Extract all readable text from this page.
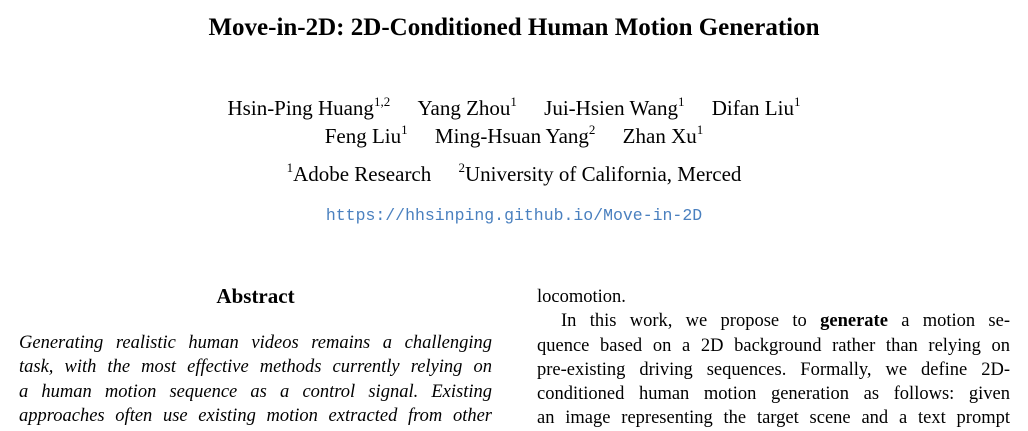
Move-in-2D: 2D-Conditioned Human Motion Generation
Hsin-Ping Huang$^{1,2}$ Yang Zhou$^1$ Jui-Hsien Wang$^1$ Difan Liu$^1$
Feng Liu$^1$ Ming-Hsuan Yang$^2$ Zhan Xu$^1$
$^1$Adobe Research $^2$University of California, Merced
https://hhsinping.github.io/Move-in-2D
Abstract
Generating realistic human videos remains a challenging
task, with the most effective methods currently relying on
a human motion sequence as a control signal. Existing
approaches often use existing motion extracted from other
locomotion.
In this work, we propose to generate a motion se-
quence based on a 2D background rather than relying on
pre-existing driving sequences. Formally, we define 2D-
conditioned human motion generation as follows: given
an image representing the target scene and a text prompt
